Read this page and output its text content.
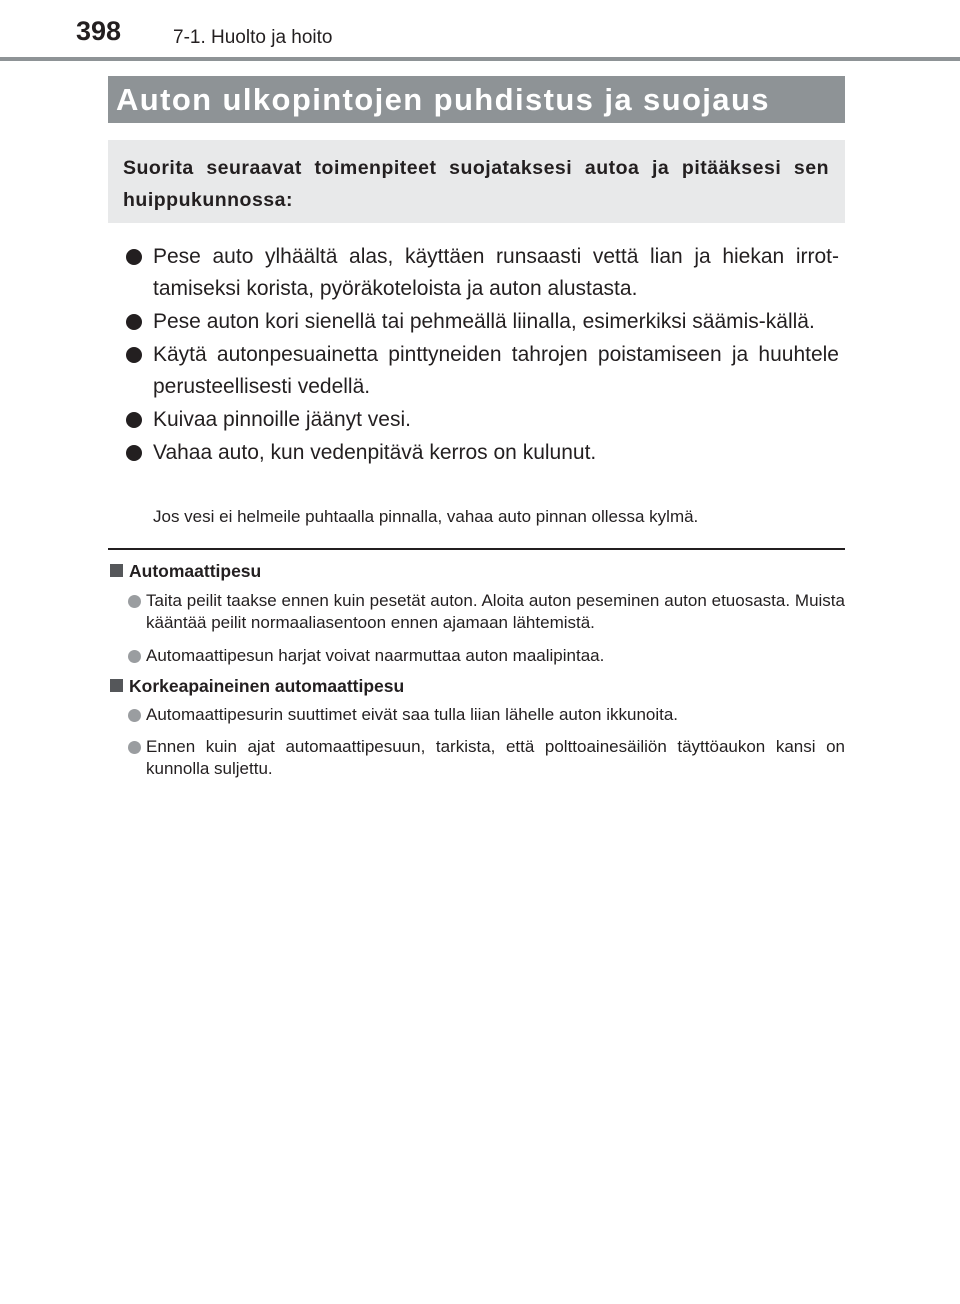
398	7-1. Huolto ja hoito
Auton ulkopintojen puhdistus ja suojaus
Suorita seuraavat toimenpiteet suojataksesi autoa ja pitääksesi sen huippukunnossa:
Pese auto ylhäältä alas, käyttäen runsaasti vettä lian ja hiekan irrot-tamiseksi korista, pyöräkoteloista ja auton alustasta.
Pese auton kori sienellä tai pehmeällä liinalla, esimerkiksi säämis-källä.
Käytä autonpesuainetta pinttyneiden tahrojen poistamiseen ja huuhtele perusteellisesti vedellä.
Kuivaa pinnoille jäänyt vesi.
Vahaa auto, kun vedenpitävä kerros on kulunut.
Jos vesi ei helmeile puhtaalla pinnalla, vahaa auto pinnan ollessa kylmä.
Automaattipesu
Taita peilit taakse ennen kuin pesetät auton. Aloita auton peseminen auton etuosasta. Muista kääntää peilit normaaliasentoon ennen ajamaan lähtemistä.
Automaattipesun harjat voivat naarmuttaa auton maalipintaa.
Korkeapaineinen automaattipesu
Automaattipesurin suuttimet eivät saa tulla liian lähelle auton ikkunoita.
Ennen kuin ajat automaattipesuun, tarkista, että polttoainesäiliön täyttöaukon kansi on kunnolla suljettu.
